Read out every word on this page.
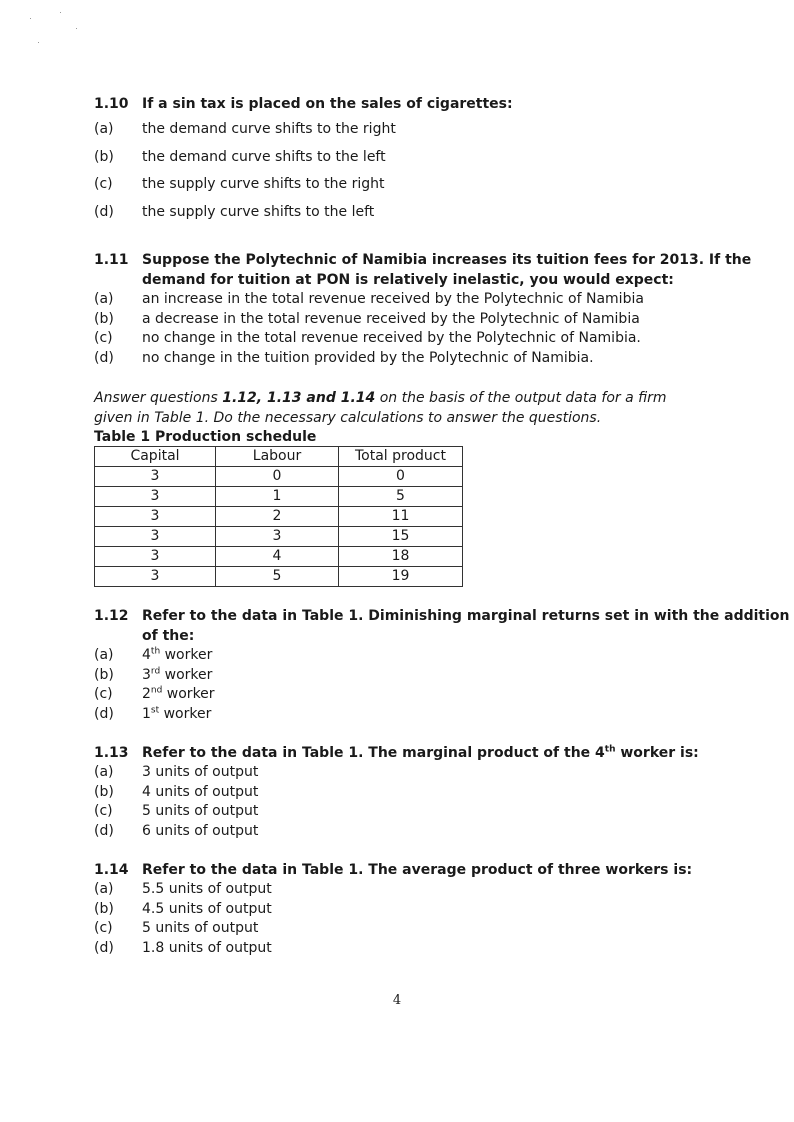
1.10 If a sin tax is placed on the sales of cigarettes:
(a)	the demand curve shifts to the right
(b)	the demand curve shifts to the left
(c)	the supply curve shifts to the right
(d)	the supply curve shifts to the left
1.11 Suppose the Polytechnic of Namibia increases its tuition fees for 2013. If the
demand for tuition at PON is relatively inelastic, you would expect:
(a)	an increase in the total revenue received by the Polytechnic of Namibia
(b)	a decrease in the total revenue received by the Polytechnic of Namibia
(c)	no change in the total revenue received by the Polytechnic of Namibia.
(d)	no change in the tuition provided by the Polytechnic of Namibia.
Answer questions 1.12, 1.13 and 1.14 on the basis of the output data for a firm given in Table 1. Do the necessary calculations to answer the questions.
Table 1 Production schedule
Capital	Labour	Total product
3	0	0
3	1	5
3	2	11
3	3	15
3	4	18
3	5	19
1.12 Refer to the data in Table 1. Diminishing marginal returns set in with the addition
of the:
(a)	4th worker
(b)	3rd worker
(c)	2nd worker
(d)	1st worker
1.13 Refer to the data in Table 1. The marginal product of the 4th worker is:
(a)	3 units of output
(b)	4 units of output
(c)	5 units of output
(d)	6 units of output
1.14 Refer to the data in Table 1. The average product of three workers is:
(a)	5.5 units of output
(b)	4.5 units of output
(c)	5 units of output
(d)	1.8 units of output
4
